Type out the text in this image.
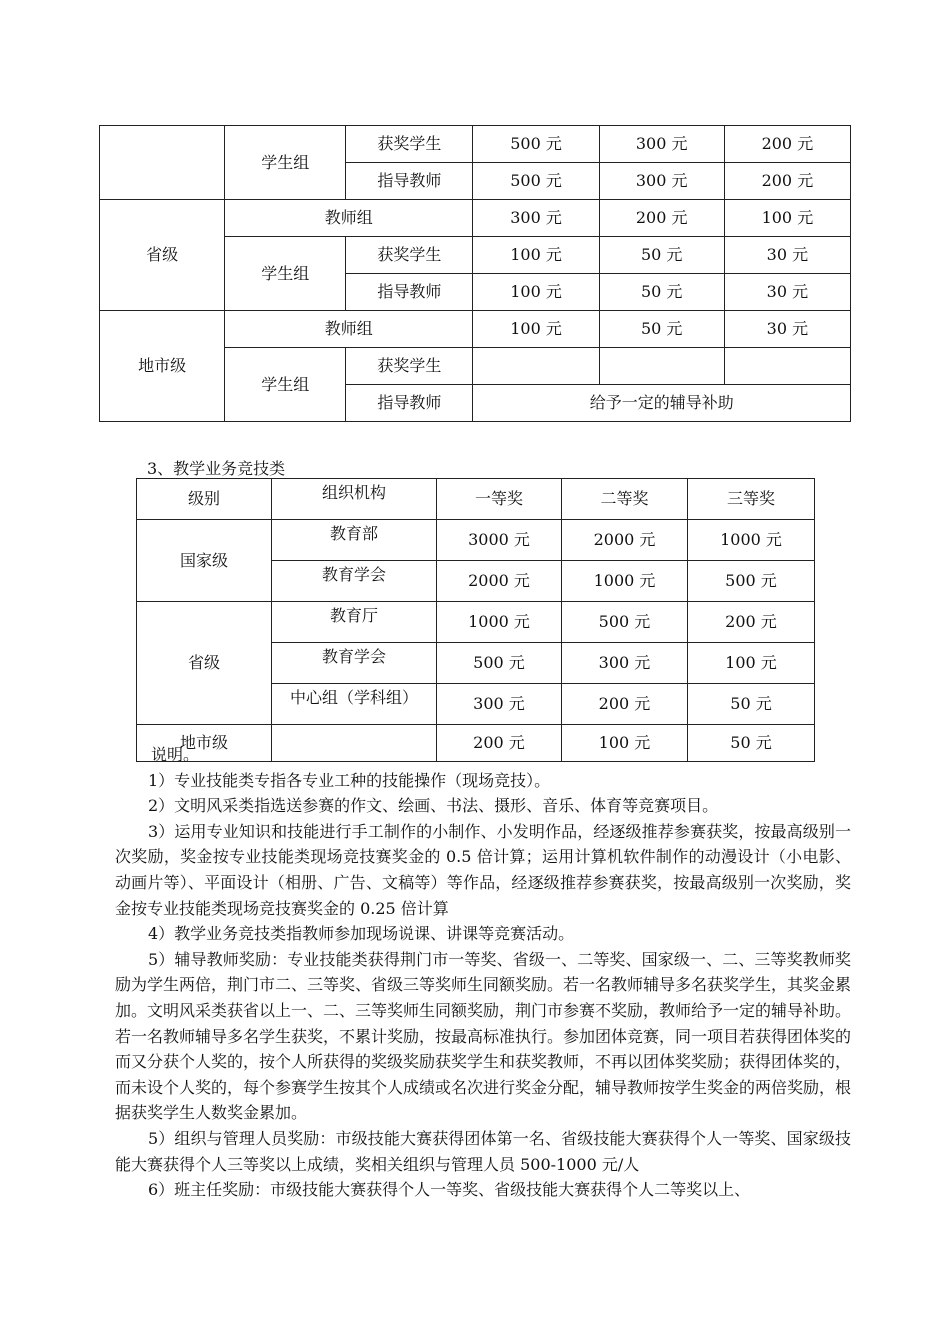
	学生组	获奖学生	500 元	300 元	200 元
		指导教师	500 元	300 元	200 元
省级	教师组		300 元	200 元	100 元
	学生组	获奖学生	100 元	50 元	30 元
		指导教师	100 元	50 元	30 元
地市级	教师组		100 元	50 元	30 元
	学生组	获奖学生			
		指导教师	给予一定的辅导补助		
3、教学业务竞技类
级别	组织机构	一等奖	二等奖	三等奖
国家级	教育部	3000 元	2000 元	1000 元
	教育学会	2000 元	1000 元	500 元
省级	教育厅	1000 元	500 元	200 元
	教育学会	500 元	300 元	100 元
	中心组（学科组）	300 元	200 元	50 元
地市级		200 元	100 元	50 元

说明。

1）专业技能类专指各专业工种的技能操作（现场竞技）。

2）文明风采类指选送参赛的作文、绘画、书法、摄形、音乐、体育等竞赛项目。

3）运用专业知识和技能进行手工制作的小制作、小发明作品，经逐级推荐参赛获奖，按最高级别一次奖励，奖金按专业技能类现场竞技赛奖金的 0.5 倍计算；运用计算机软件制作的动漫设计（小电影、动画片等）、平面设计（相册、广告、文稿等）等作品，经逐级推荐参赛获奖，按最高级别一次奖励，奖金按专业技能类现场竞技赛奖金的 0.25 倍计算

4）教学业务竞技类指教师参加现场说课、讲课等竞赛活动。

5）辅导教师奖励：专业技能类获得荆门市一等奖、省级一、二等奖、国家级一、二、三等奖教师奖励为学生两倍，荆门市二、三等奖、省级三等奖师生同额奖励。若一名教师辅导多名获奖学生，其奖金累加。文明风采类获省以上一、二、三等奖师生同额奖励，荆门市参赛不奖励，教师给予一定的辅导补助。若一名教师辅导多名学生获奖，不累计奖励，按最高标准执行。参加团体竞赛，同一项目若获得团体奖的而又分获个人奖的，按个人所获得的奖级奖励获奖学生和获奖教师，不再以团体奖奖励；获得团体奖的，而未设个人奖的，每个参赛学生按其个人成绩或名次进行奖金分配，辅导教师按学生奖金的两倍奖励，根据获奖学生人数奖金累加。

5）组织与管理人员奖励：市级技能大赛获得团体第一名、省级技能大赛获得个人一等奖、国家级技能大赛获得个人三等奖以上成绩，奖相关组织与管理人员 500-1000 元/人

6）班主任奖励：市级技能大赛获得个人一等奖、省级技能大赛获得个人二等奖以上、
